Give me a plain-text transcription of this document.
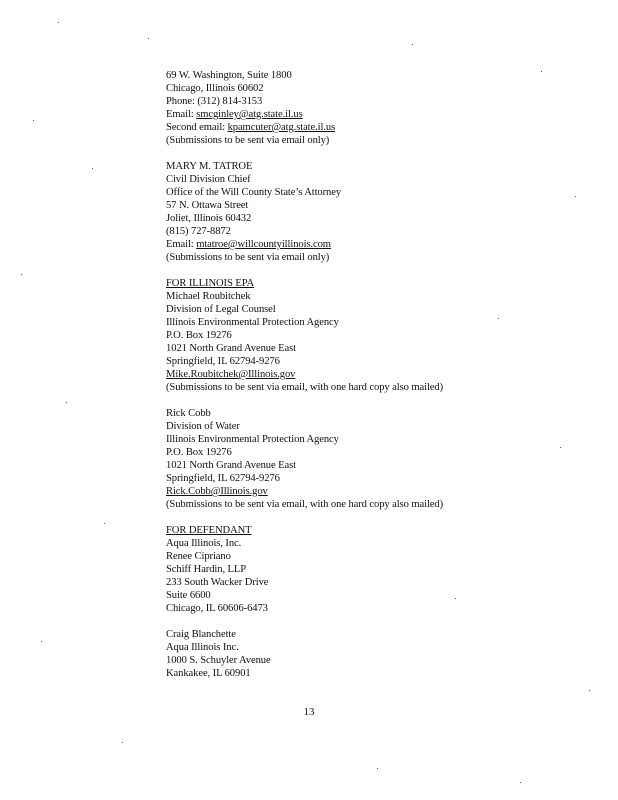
69 W. Washington, Suite 1800
Chicago, Illinois 60602
Phone: (312) 814-3153
Email: smcginley@atg.state.il.us
Second email: kpamcuter@atg.state.il.us
(Submissions to be sent via email only)
MARY M. TATROE
Civil Division Chief
Office of the Will County State’s Attorney
57 N. Ottawa Street
Joliet, Illinois 60432
(815) 727-8872
Email: mtatroe@willcountyillinois.com
(Submissions to be sent via email only)
FOR ILLINOIS EPA
Michael Roubitchek
Division of Legal Counsel
Illinois Environmental Protection Agency
P.O. Box 19276
1021 North Grand Avenue East
Springfield, IL 62794-9276
Mike.Roubitchek@Illinois.gov
(Submissions to be sent via email, with one hard copy also mailed)
Rick Cobb
Division of Water
Illinois Environmental Protection Agency
P.O. Box 19276
1021 North Grand Avenue East
Springfield, IL 62794-9276
Rick.Cobb@Illinois.gov
(Submissions to be sent via email, with one hard copy also mailed)
FOR DEFENDANT
Aqua Illinois, Inc.
Renee Cipriano
Schiff Hardin, LLP
233 South Wacker Drive
Suite 6600
Chicago, IL 60606-6473
Craig Blanchette
Aqua Illinois Inc.
1000 S. Schuyler Avenue
Kankakee, IL 60901
13
